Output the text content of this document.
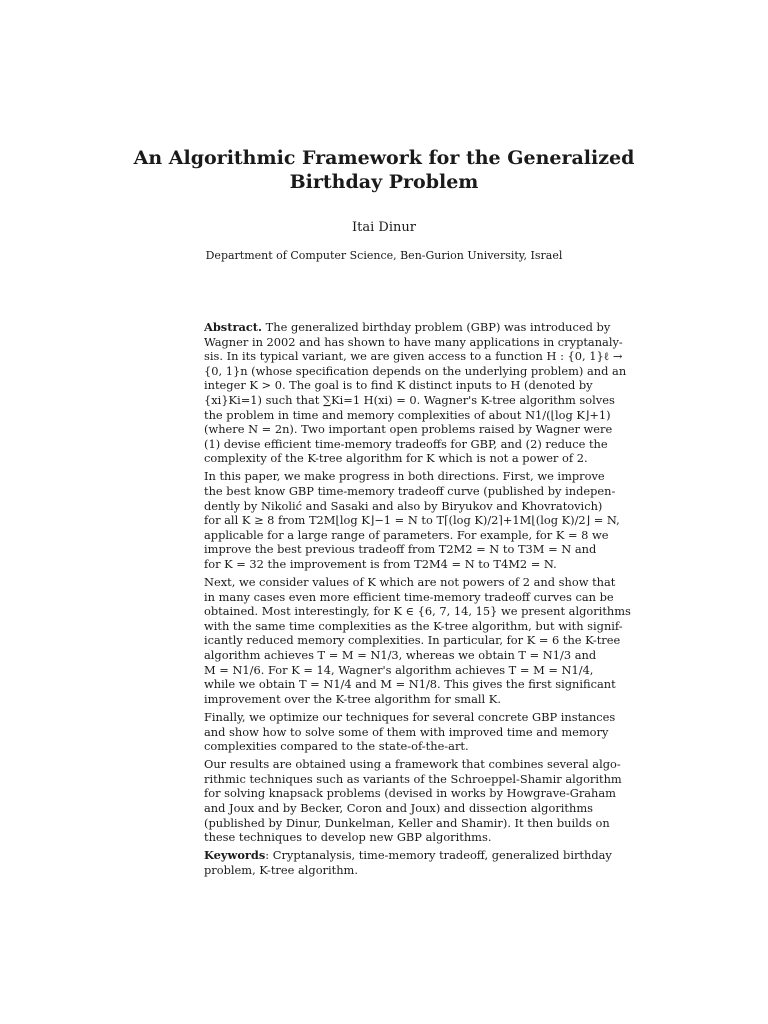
An Algorithmic Framework for the Generalized
Birthday Problem
Itai Dinur
Department of Computer Science, Ben-Gurion University, Israel

Abstract. The generalized birthday problem (GBP) was introduced by
Wagner in 2002 and has shown to have many applications in cryptanaly-
sis. In its typical variant, we are given access to a function H : {0, 1}ℓ →
{0, 1}n (whose specification depends on the underlying problem) and an
integer K > 0. The goal is to find K distinct inputs to H (denoted by
{xi}Ki=1) such that ∑Ki=1 H(xi) = 0. Wagner's K-tree algorithm solves
the problem in time and memory complexities of about N1/(⌊log K⌋+1)
(where N = 2n). Two important open problems raised by Wagner were
(1) devise efficient time-memory tradeoffs for GBP, and (2) reduce the
complexity of the K-tree algorithm for K which is not a power of 2.

In this paper, we make progress in both directions. First, we improve
the best know GBP time-memory tradeoff curve (published by indepen-
dently by Nikolić and Sasaki and also by Biryukov and Khovratovich)
for all K ≥ 8 from T2M⌊log K⌋−1 = N to T⌈(log K)/2⌉+1M⌊(log K)/2⌋ = N,
applicable for a large range of parameters. For example, for K = 8 we
improve the best previous tradeoff from T2M2 = N to T3M = N and
for K = 32 the improvement is from T2M4 = N to T4M2 = N.

Next, we consider values of K which are not powers of 2 and show that
in many cases even more efficient time-memory tradeoff curves can be
obtained. Most interestingly, for K ∈ {6, 7, 14, 15} we present algorithms
with the same time complexities as the K-tree algorithm, but with signif-
icantly reduced memory complexities. In particular, for K = 6 the K-tree
algorithm achieves T = M = N1/3, whereas we obtain T = N1/3 and
M = N1/6. For K = 14, Wagner's algorithm achieves T = M = N1/4,
while we obtain T = N1/4 and M = N1/8. This gives the first significant
improvement over the K-tree algorithm for small K.

Finally, we optimize our techniques for several concrete GBP instances
and show how to solve some of them with improved time and memory
complexities compared to the state-of-the-art.

Our results are obtained using a framework that combines several algo-
rithmic techniques such as variants of the Schroeppel-Shamir algorithm
for solving knapsack problems (devised in works by Howgrave-Graham
and Joux and by Becker, Coron and Joux) and dissection algorithms
(published by Dinur, Dunkelman, Keller and Shamir). It then builds on
these techniques to develop new GBP algorithms.

Keywords: Cryptanalysis, time-memory tradeoff, generalized birthday
problem, K-tree algorithm.
